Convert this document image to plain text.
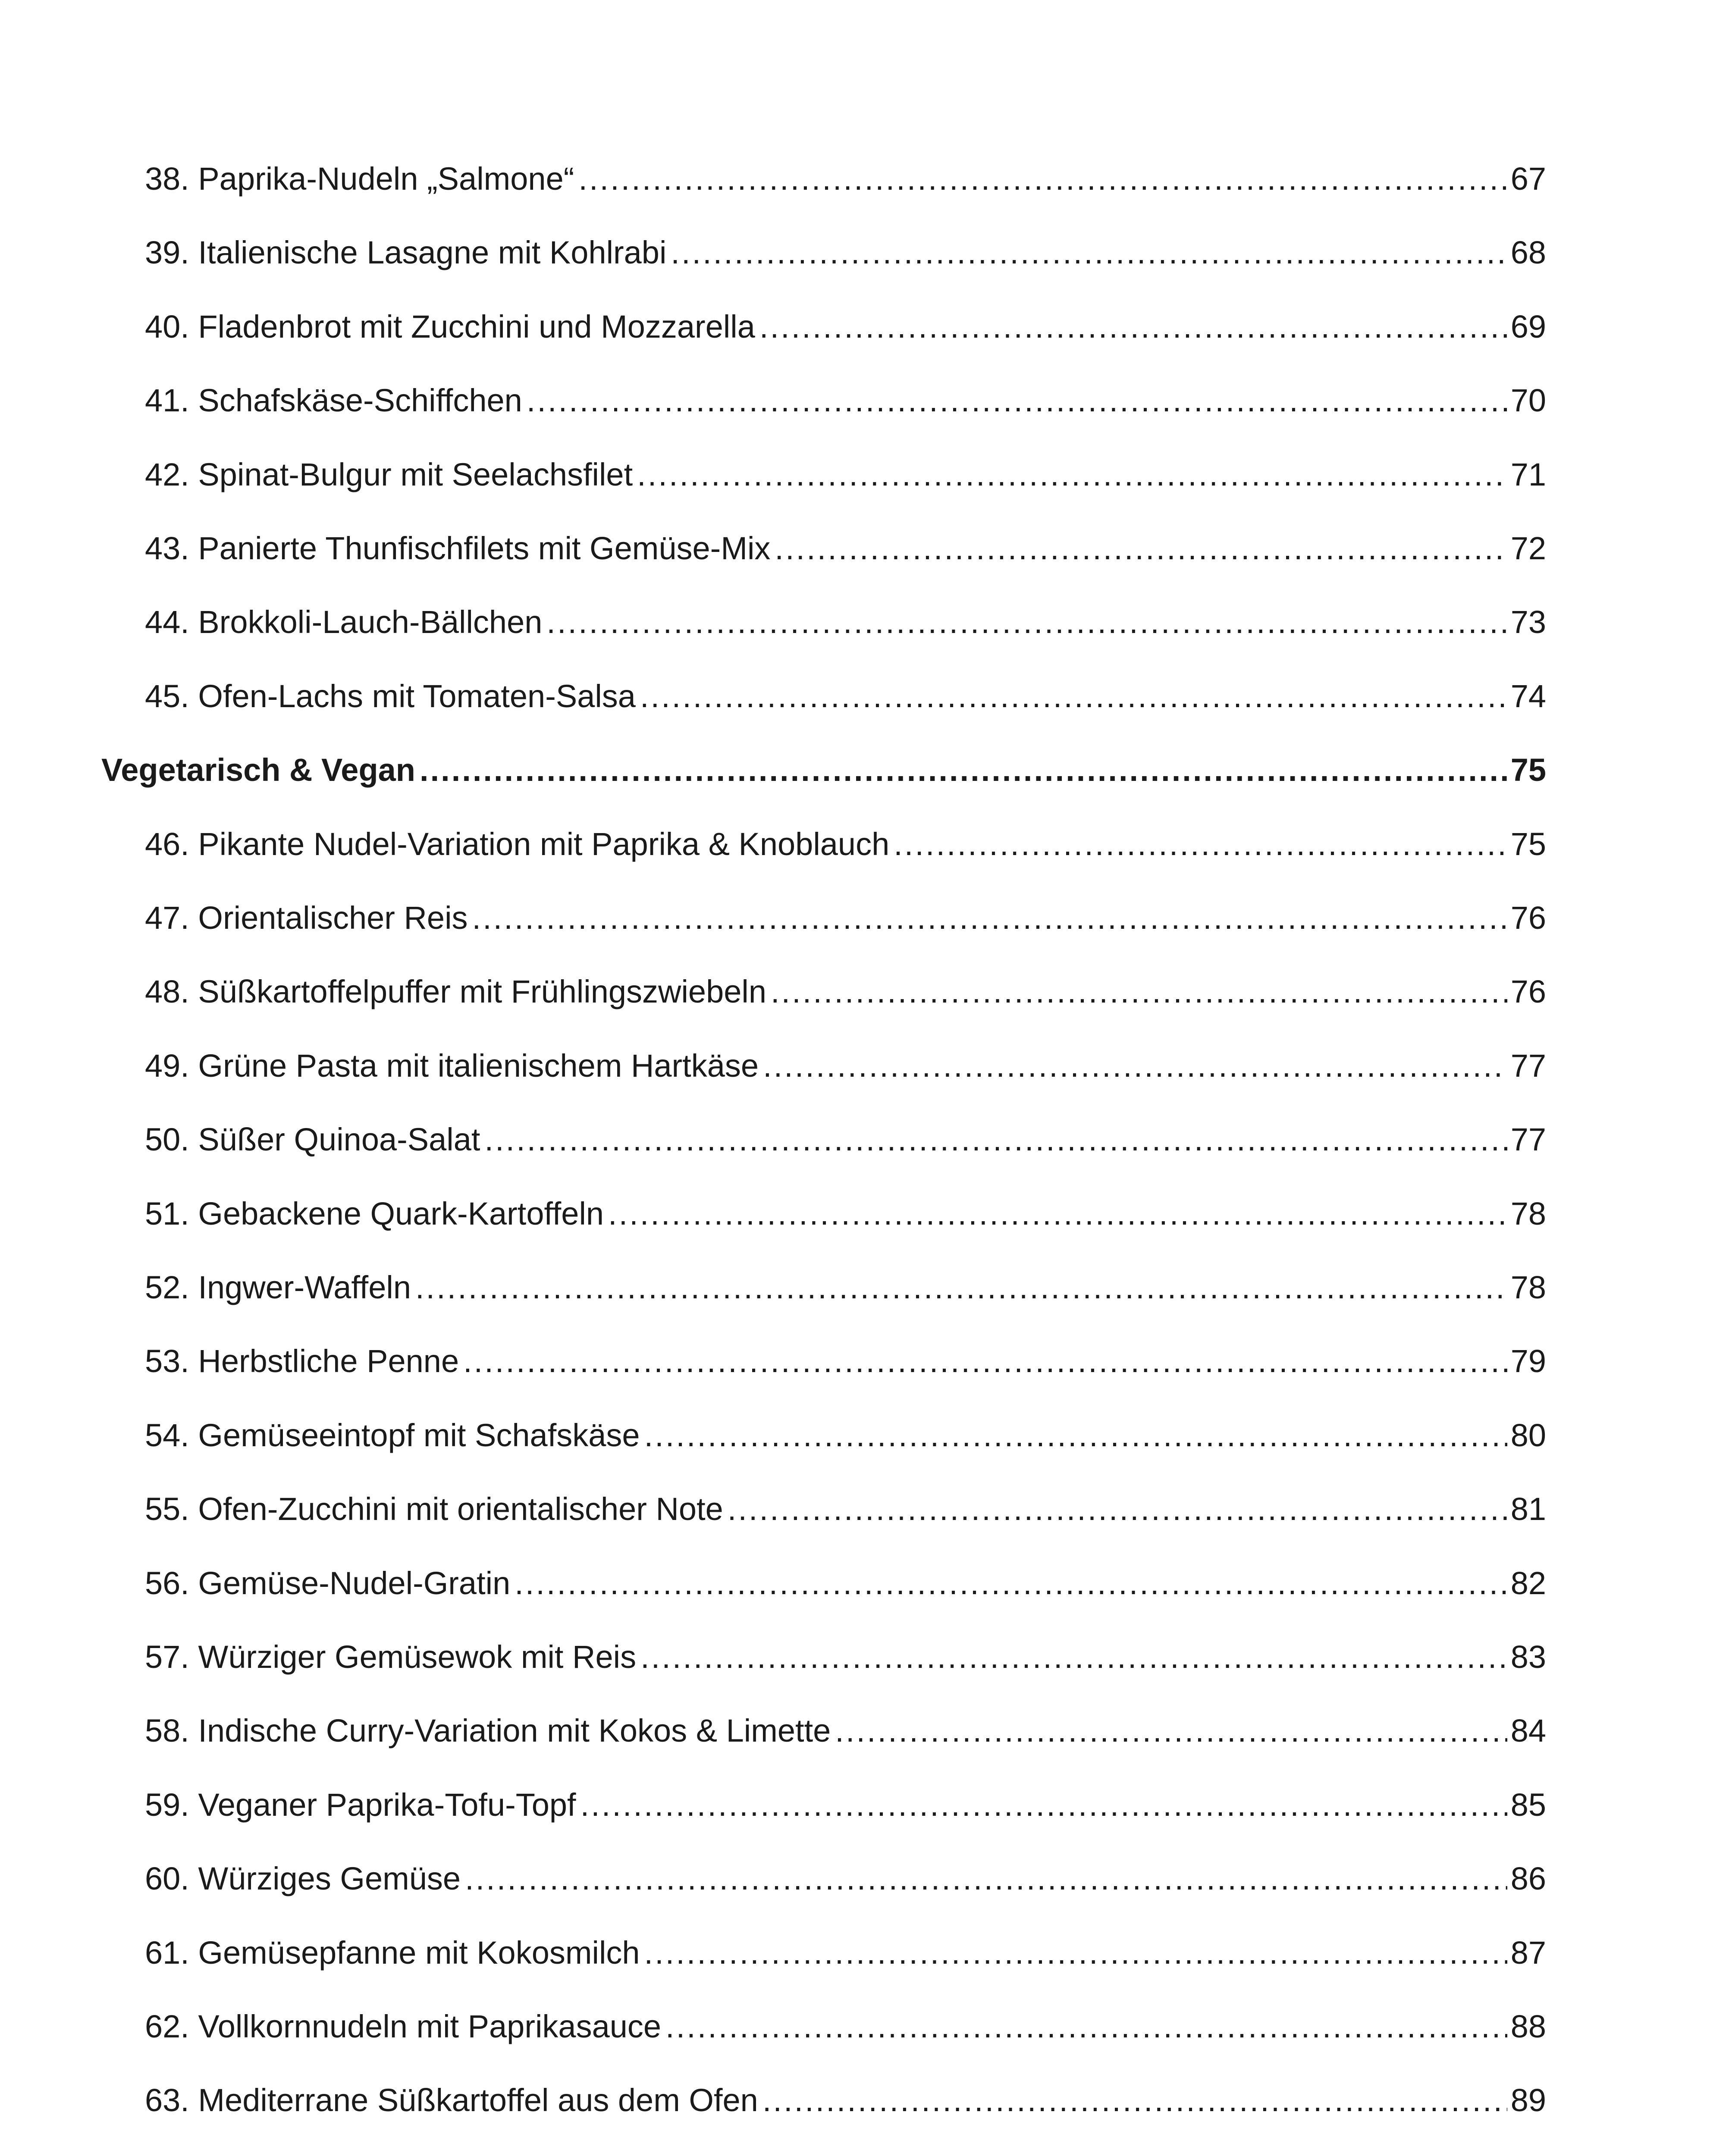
38. Paprika-Nudeln „Salmone“ .....	67
39. Italienische Lasagne mit Kohlrabi .....	68
40. Fladenbrot mit Zucchini und Mozzarella .....	69
41. Schafskäse-Schiffchen .....	70
42. Spinat-Bulgur mit Seelachsfilet .....	71
43. Panierte Thunfischfilets mit Gemüse-Mix .....	72
44. Brokkoli-Lauch-Bällchen .....	73
45. Ofen-Lachs mit Tomaten-Salsa .....	74
Vegetarisch & Vegan .....	75
46. Pikante Nudel-Variation mit Paprika & Knoblauch .....	75
47. Orientalischer Reis .....	76
48. Süßkartoffelpuffer mit Frühlingszwiebeln .....	76
49. Grüne Pasta mit italienischem Hartkäse .....	77
50. Süßer Quinoa-Salat .....	77
51. Gebackene Quark-Kartoffeln .....	78
52. Ingwer-Waffeln .....	78
53. Herbstliche Penne .....	79
54. Gemüseeintopf mit Schafskäse .....	80
55. Ofen-Zucchini mit orientalischer Note .....	81
56. Gemüse-Nudel-Gratin .....	82
57. Würziger Gemüsewok mit Reis .....	83
58. Indische Curry-Variation mit Kokos & Limette .....	84
59. Veganer Paprika-Tofu-Topf .....	85
60. Würziges Gemüse .....	86
61. Gemüsepfanne mit Kokosmilch .....	87
62. Vollkornnudeln mit Paprikasauce .....	88
63. Mediterrane Süßkartoffel aus dem Ofen .....	89
.....
